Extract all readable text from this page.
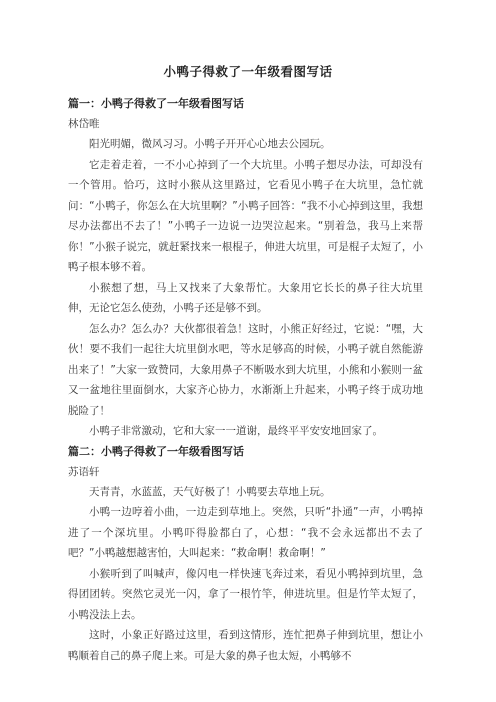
小鸭子得救了一年级看图写话
篇一：小鸭子得救了一年级看图写话
林岱唯

阳光明媚，微风习习。小鸭子开开心心地去公园玩。

它走着走着，一不小心掉到了一个大坑里。小鸭子想尽办法，可却没有一个管用。恰巧，这时小猴从这里路过，它看见小鸭子在大坑里，急忙就问：“小鸭子，你怎么在大坑里啊？”小鸭子回答：“我不小心掉到这里，我想尽办法都出不去了！”小鸭子一边说一边哭泣起来。“别着急，我马上来帮你！”小猴子说完，就赶紧找来一根棍子，伸进大坑里，可是棍子太短了，小鸭子根本够不着。

小猴想了想，马上又找来了大象帮忙。大象用它长长的鼻子往大坑里伸，无论它怎么使劲，小鸭子还是够不到。

怎么办？怎么办？大伙都很着急！这时，小熊正好经过，它说：“嘿，大伙！要不我们一起往大坑里倒水吧，等水足够高的时候，小鸭子就自然能游出来了！”大家一致赞同，大象用鼻子不断吸水到大坑里，小熊和小猴则一盆又一盆地往里面倒水，大家齐心协力，水渐渐上升起来，小鸭子终于成功地脱险了！

小鸭子非常激动，它和大家一一道谢，最终平平安安地回家了。

篇二：小鸭子得救了一年级看图写话
苏语轩

天青青，水蓝蓝，天气好极了！小鸭要去草地上玩。

小鸭一边哼着小曲，一边走到草地上。突然，只听“扑通”一声，小鸭掉进了一个深坑里。小鸭吓得脸都白了，心想：“我不会永远都出不去了吧？”小鸭越想越害怕，大叫起来：“救命啊！救命啊！”

小猴听到了叫喊声，像闪电一样快速飞奔过来，看见小鸭掉到坑里，急得团团转。突然它灵光一闪，拿了一根竹竿，伸进坑里。但是竹竿太短了，小鸭没法上去。

这时，小象正好路过这里，看到这情形，连忙把鼻子伸到坑里，想让小鸭顺着自己的鼻子爬上来。可是大象的鼻子也太短，小鸭够不
